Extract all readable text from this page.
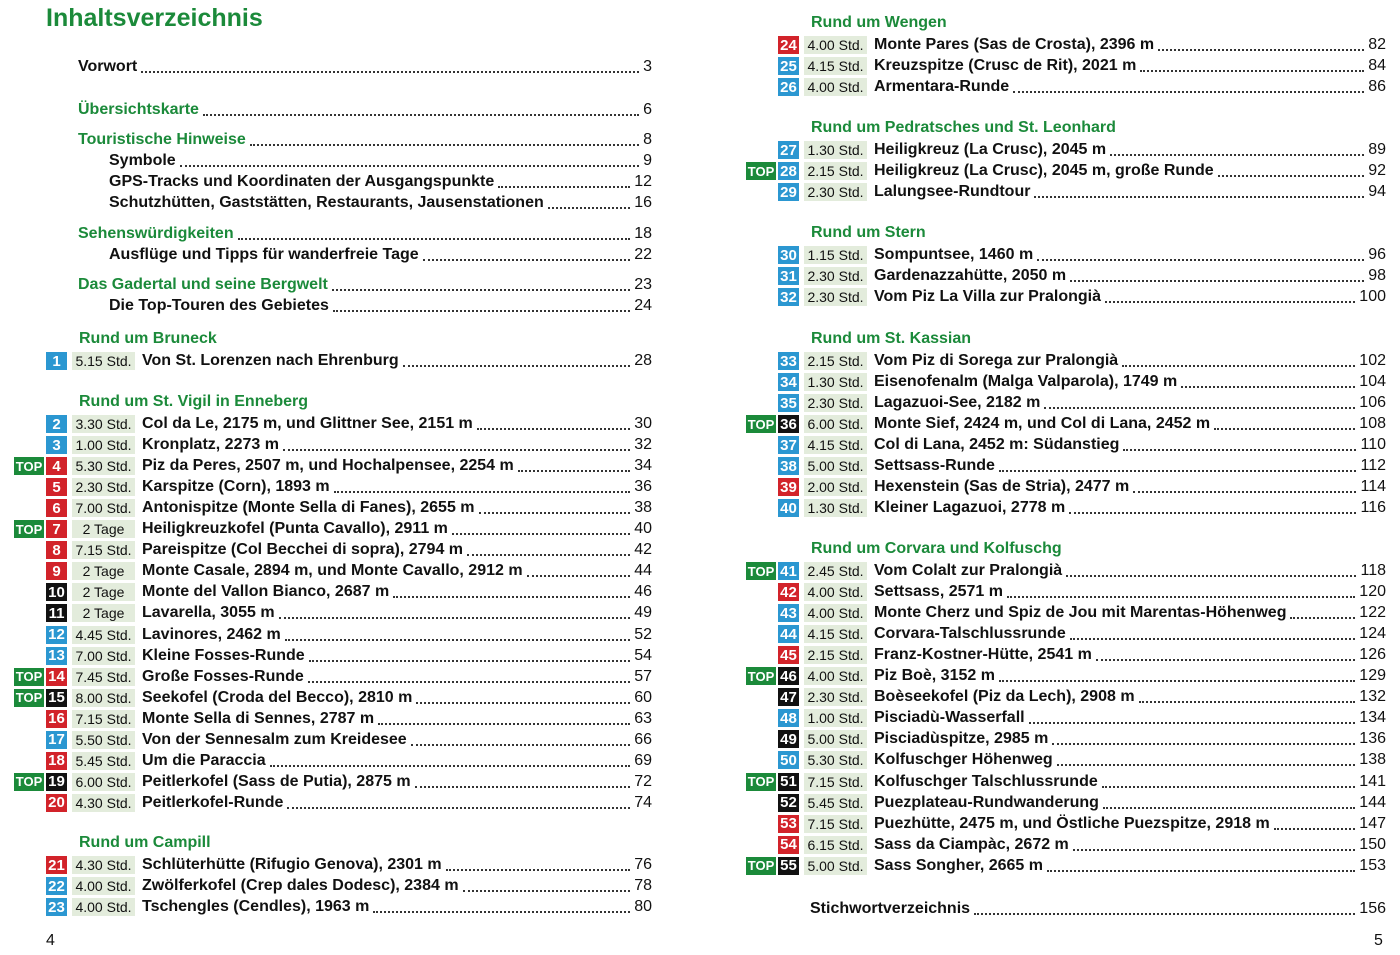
Inhaltsverzeichnis
Vorwort	3
Übersichtskarte	6
Touristische Hinweise	8
Symbole	9
GPS-Tracks und Koordinaten der Ausgangspunkte	12
Schutzhütten, Gaststätten, Restaurants, Jausenstationen	16
Sehenswürdigkeiten	18
Ausflüge und Tipps für wanderfreie Tage	22
Das Gadertal und seine Bergwelt	23
Die Top-Touren des Gebietes	24
Rund um Bruneck
1	5.15 Std. Von St. Lorenzen nach Ehrenburg	28
Rund um St. Vigil in Enneberg
2	3.30 Std. Col da Le, 2175 m, und Glittner See, 2151 m	30
3	1.00 Std. Kronplatz, 2273 m	32
TOP 4	5.30 Std. Piz da Peres, 2507 m, und Hochalpensee, 2254 m	34
5	2.30 Std. Karspitze (Corn), 1893 m	36
6	7.00 Std. Antonispitze (Monte Sella di Fanes), 2655 m	38
TOP 7	2 Tage	Heiligkreuzkofel (Punta Cavallo), 2911 m	40
8	7.15 Std. Pareispitze (Col Becchei di sopra), 2794 m	42
9	2 Tage	Monte Casale, 2894 m, und Monte Cavallo, 2912 m	44
10	2 Tage	Monte del Vallon Bianco, 2687 m	46
11	2 Tage	Lavarella, 3055 m	49
12 4.45 Std. Lavinores, 2462 m	52
13 7.00 Std. Kleine Fosses-Runde	54
TOP 14 7.45 Std. Große Fosses-Runde	57
TOP 15 8.00 Std. Seekofel (Croda del Becco), 2810 m	60
16 7.15 Std. Monte Sella di Sennes, 2787 m	63
17 5.50 Std. Von der Sennesalm zum Kreidesee	66
18 5.45 Std. Um die Paraccia	69
TOP 19 6.00 Std. Peitlerkofel (Sass de Putia), 2875 m	72
20 4.30 Std. Peitlerkofel-Runde	74
Rund um Campill
21 4.30 Std. Schlüterhütte (Rifugio Genova), 2301 m	76
22 4.00 Std. Zwölferkofel (Crep dales Dodesc), 2384 m	78
23 4.00 Std. Tschengles (Cendles), 1963 m	80
Rund um Wengen
24 4.00 Std. Monte Pares (Sas de Crosta), 2396 m	82
25 4.15 Std. Kreuzspitze (Crusc de Rit), 2021 m	84
26 4.00 Std. Armentara-Runde	86
Rund um Pedratsches und St. Leonhard
27 1.30 Std. Heiligkreuz (La Crusc), 2045 m	89
TOP 28 2.15 Std. Heiligkreuz (La Crusc), 2045 m, große Runde	92
29 2.30 Std. Lalungsee-Rundtour	94
Rund um Stern
30 1.15 Std. Sompuntsee, 1460 m	96
31 2.30 Std. Gardenazzahütte, 2050 m	98
32 2.30 Std. Vom Piz La Villa zur Pralongià	100
Rund um St. Kassian
33 2.15 Std. Vom Piz di Sorega zur Pralongià	102
34 1.30 Std. Eisenofenalm (Malga Valparola), 1749 m	104
35 2.30 Std. Lagazuoi-See, 2182 m	106
TOP 36 6.00 Std. Monte Sief, 2424 m, und Col di Lana, 2452 m	108
37 4.15 Std. Col di Lana, 2452 m: Südanstieg	110
38 5.00 Std. Settsass-Runde	112
39 2.00 Std. Hexenstein (Sas de Stria), 2477 m	114
40 1.30 Std. Kleiner Lagazuoi, 2778 m	116
Rund um Corvara und Kolfuschg
TOP 41 2.45 Std. Vom Colalt zur Pralongià	118
42 4.00 Std. Settsass, 2571 m	120
43 4.00 Std. Monte Cherz und Spiz de Jou mit Marentas-Höhenweg	122
44 4.15 Std. Corvara-Talschlussrunde	124
45 2.15 Std. Franz-Kostner-Hütte, 2541 m	126
TOP 46 4.00 Std. Piz Boè, 3152 m	129
47 2.30 Std. Boèseekofel (Piz da Lech), 2908 m	132
48 1.00 Std. Pisciadù-Wasserfall	134
49 5.00 Std. Pisciadùspitze, 2985 m	136
50 5.30 Std. Kolfuschger Höhenweg	138
TOP 51 7.15 Std. Kolfuschger Talschlussrunde	141
52 5.45 Std. Puezplateau-Rundwanderung	144
53 7.15 Std. Puezhütte, 2475 m, und Östliche Puezspitze, 2918 m	147
54 6.15 Std. Sass da Ciampàc, 2672 m	150
TOP 55 5.00 Std. Sass Songher, 2665 m	153
Stichwortverzeichnis	156
4	5
